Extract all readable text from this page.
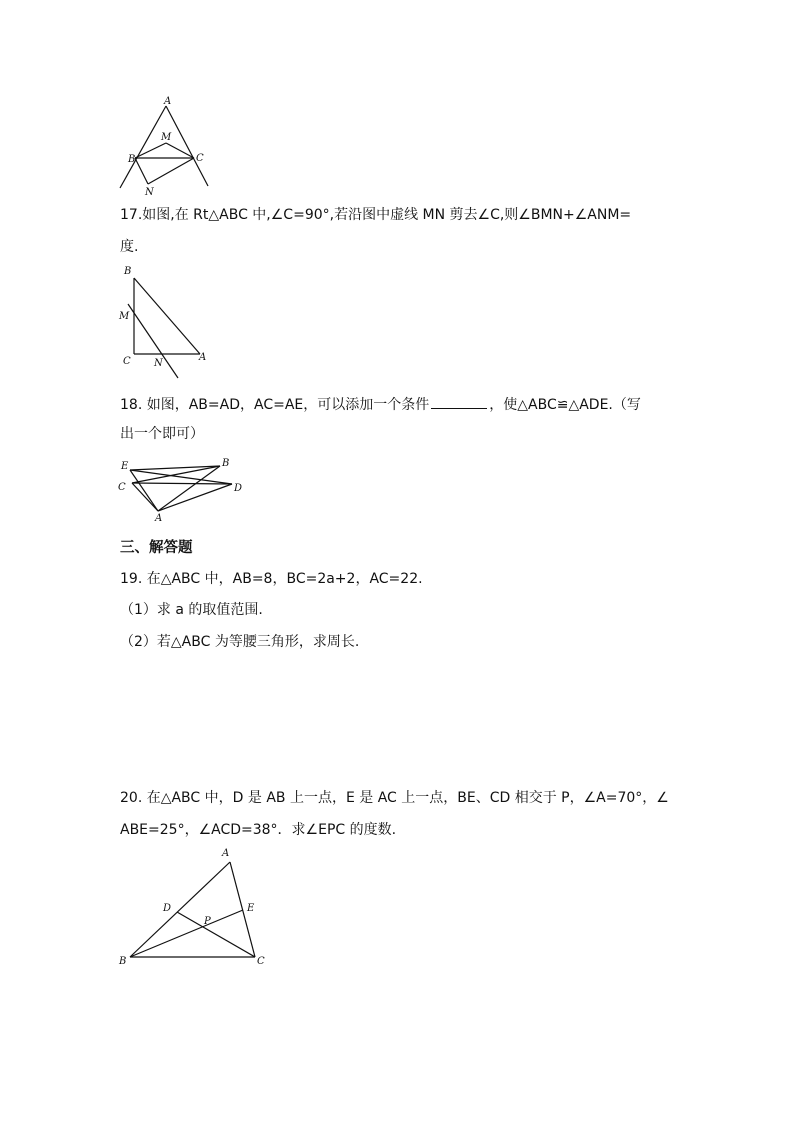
A
M
B	C
N
17.如图,在 Rt△ABC 中,∠C=90°,若沿图中虚线 MN 剪去∠C,则∠BMN+∠ANM=
度.
B
M
C N
A
18. 如图，AB=AD，AC=AE，可以添加一个条件	，使△ABC≌△ADE.（写
出一个即可）
E	B
C	D
A
三、解答题
19. 在△ABC 中，AB=8，BC=2a+2，AC=22.
（1）求 a 的取值范围.
（2）若△ABC 为等腰三角形，求周长.
20. 在△ABC 中，D 是 AB 上一点，E 是 AC 上一点，BE、CD 相交于 P，∠A=70°，∠
ABE=25°，∠ACD=38°．求∠EPC 的度数.
A
D	E
P
B	C
